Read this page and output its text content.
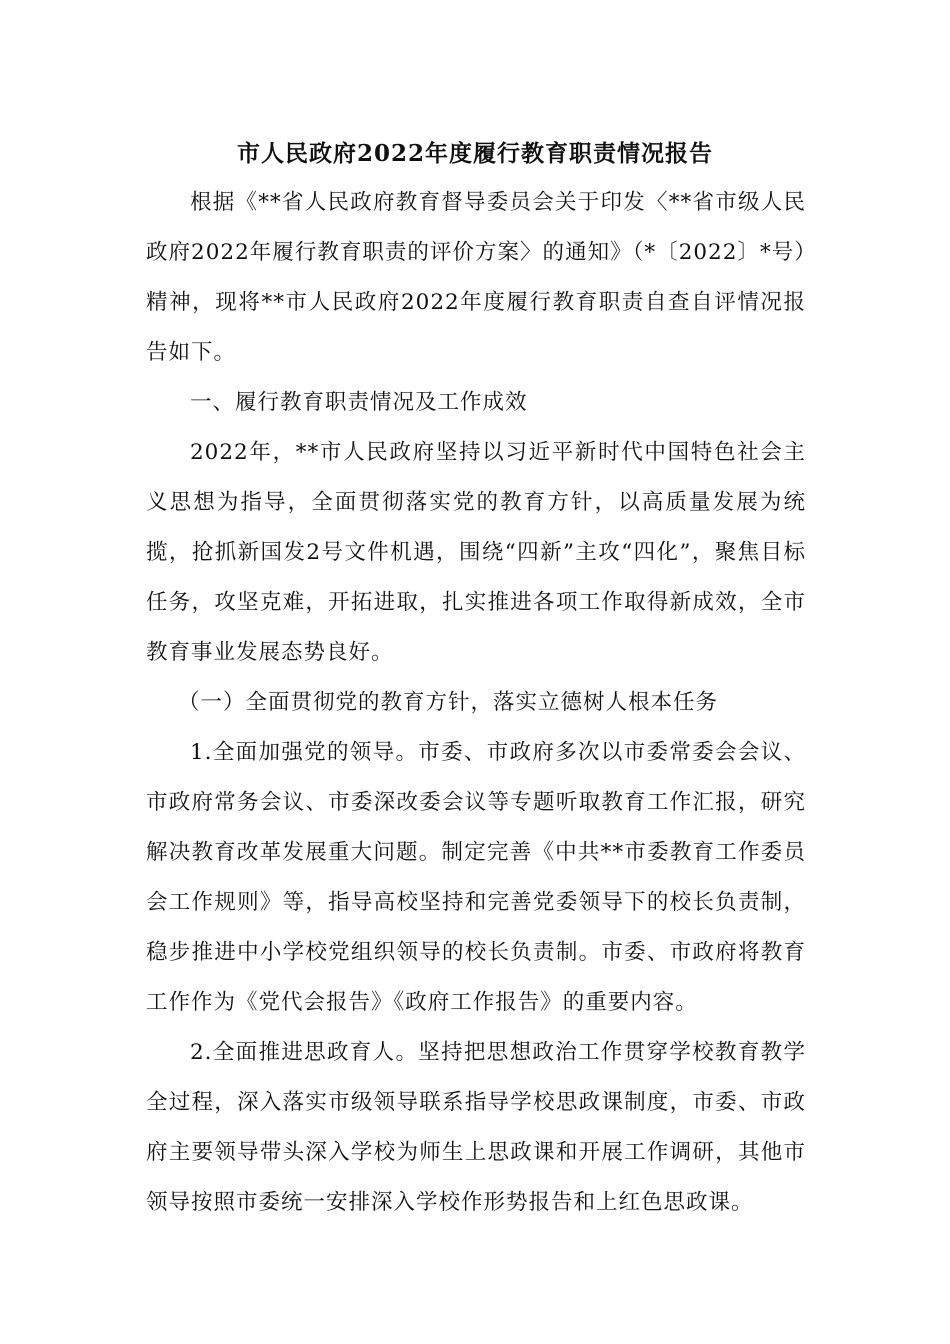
市人民政府2022年度履行教育职责情况报告

根据《**省人民政府教育督导委员会关于印发〈**省市级人民政府2022年履行教育职责的评价方案〉的通知》（*〔2022〕*号）精神，现将**市人民政府2022年度履行教育职责自查自评情况报告如下。

一、履行教育职责情况及工作成效

2022年，**市人民政府坚持以习近平新时代中国特色社会主义思想为指导，全面贯彻落实党的教育方针，以高质量发展为统揽，抢抓新国发2号文件机遇，围绕“四新”主攻“四化”，聚焦目标任务，攻坚克难，开拓进取，扎实推进各项工作取得新成效，全市教育事业发展态势良好。

（一）全面贯彻党的教育方针，落实立德树人根本任务

1.全面加强党的领导。市委、市政府多次以市委常委会会议、市政府常务会议、市委深改委会议等专题听取教育工作汇报，研究解决教育改革发展重大问题。制定完善《中共**市委教育工作委员会工作规则》等，指导高校坚持和完善党委领导下的校长负责制，稳步推进中小学校党组织领导的校长负责制。市委、市政府将教育工作作为《党代会报告》《政府工作报告》的重要内容。

2.全面推进思政育人。坚持把思想政治工作贯穿学校教育教学全过程，深入落实市级领导联系指导学校思政课制度，市委、市政府主要领导带头深入学校为师生上思政课和开展工作调研，其他市领导按照市委统一安排深入学校作形势报告和上红色思政课。
